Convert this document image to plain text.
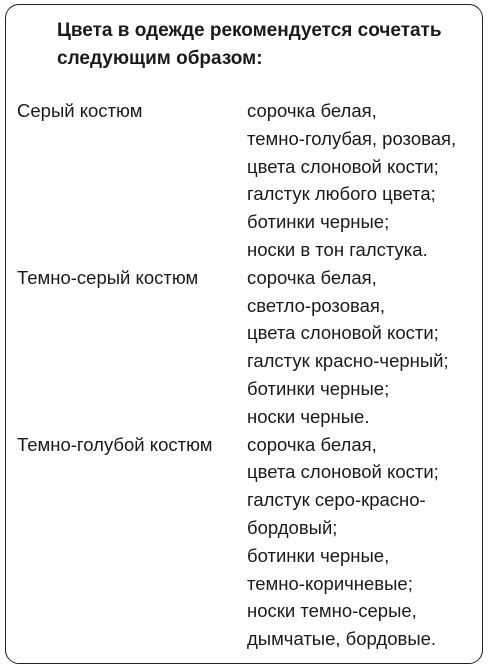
Цвета в одежде рекомендуется сочетать
следующим образом:
Серый костюм	сорочка белая,
темно-голубая, розовая,
цвета слоновой кости;
галстук любого цвета;
ботинки черные;
носки в тон галстука.
Темно-серый костюм	сорочка белая,
светло-розовая,
цвета слоновой кости;
галстук красно-черный;
ботинки черные;
носки черные.
Темно-голубой костюм	сорочка белая,
цвета слоновой кости;
галстук серо-красно-
бордовый;
ботинки черные,
темно-коричневые;
носки темно-серые,
дымчатые, бордовые.
